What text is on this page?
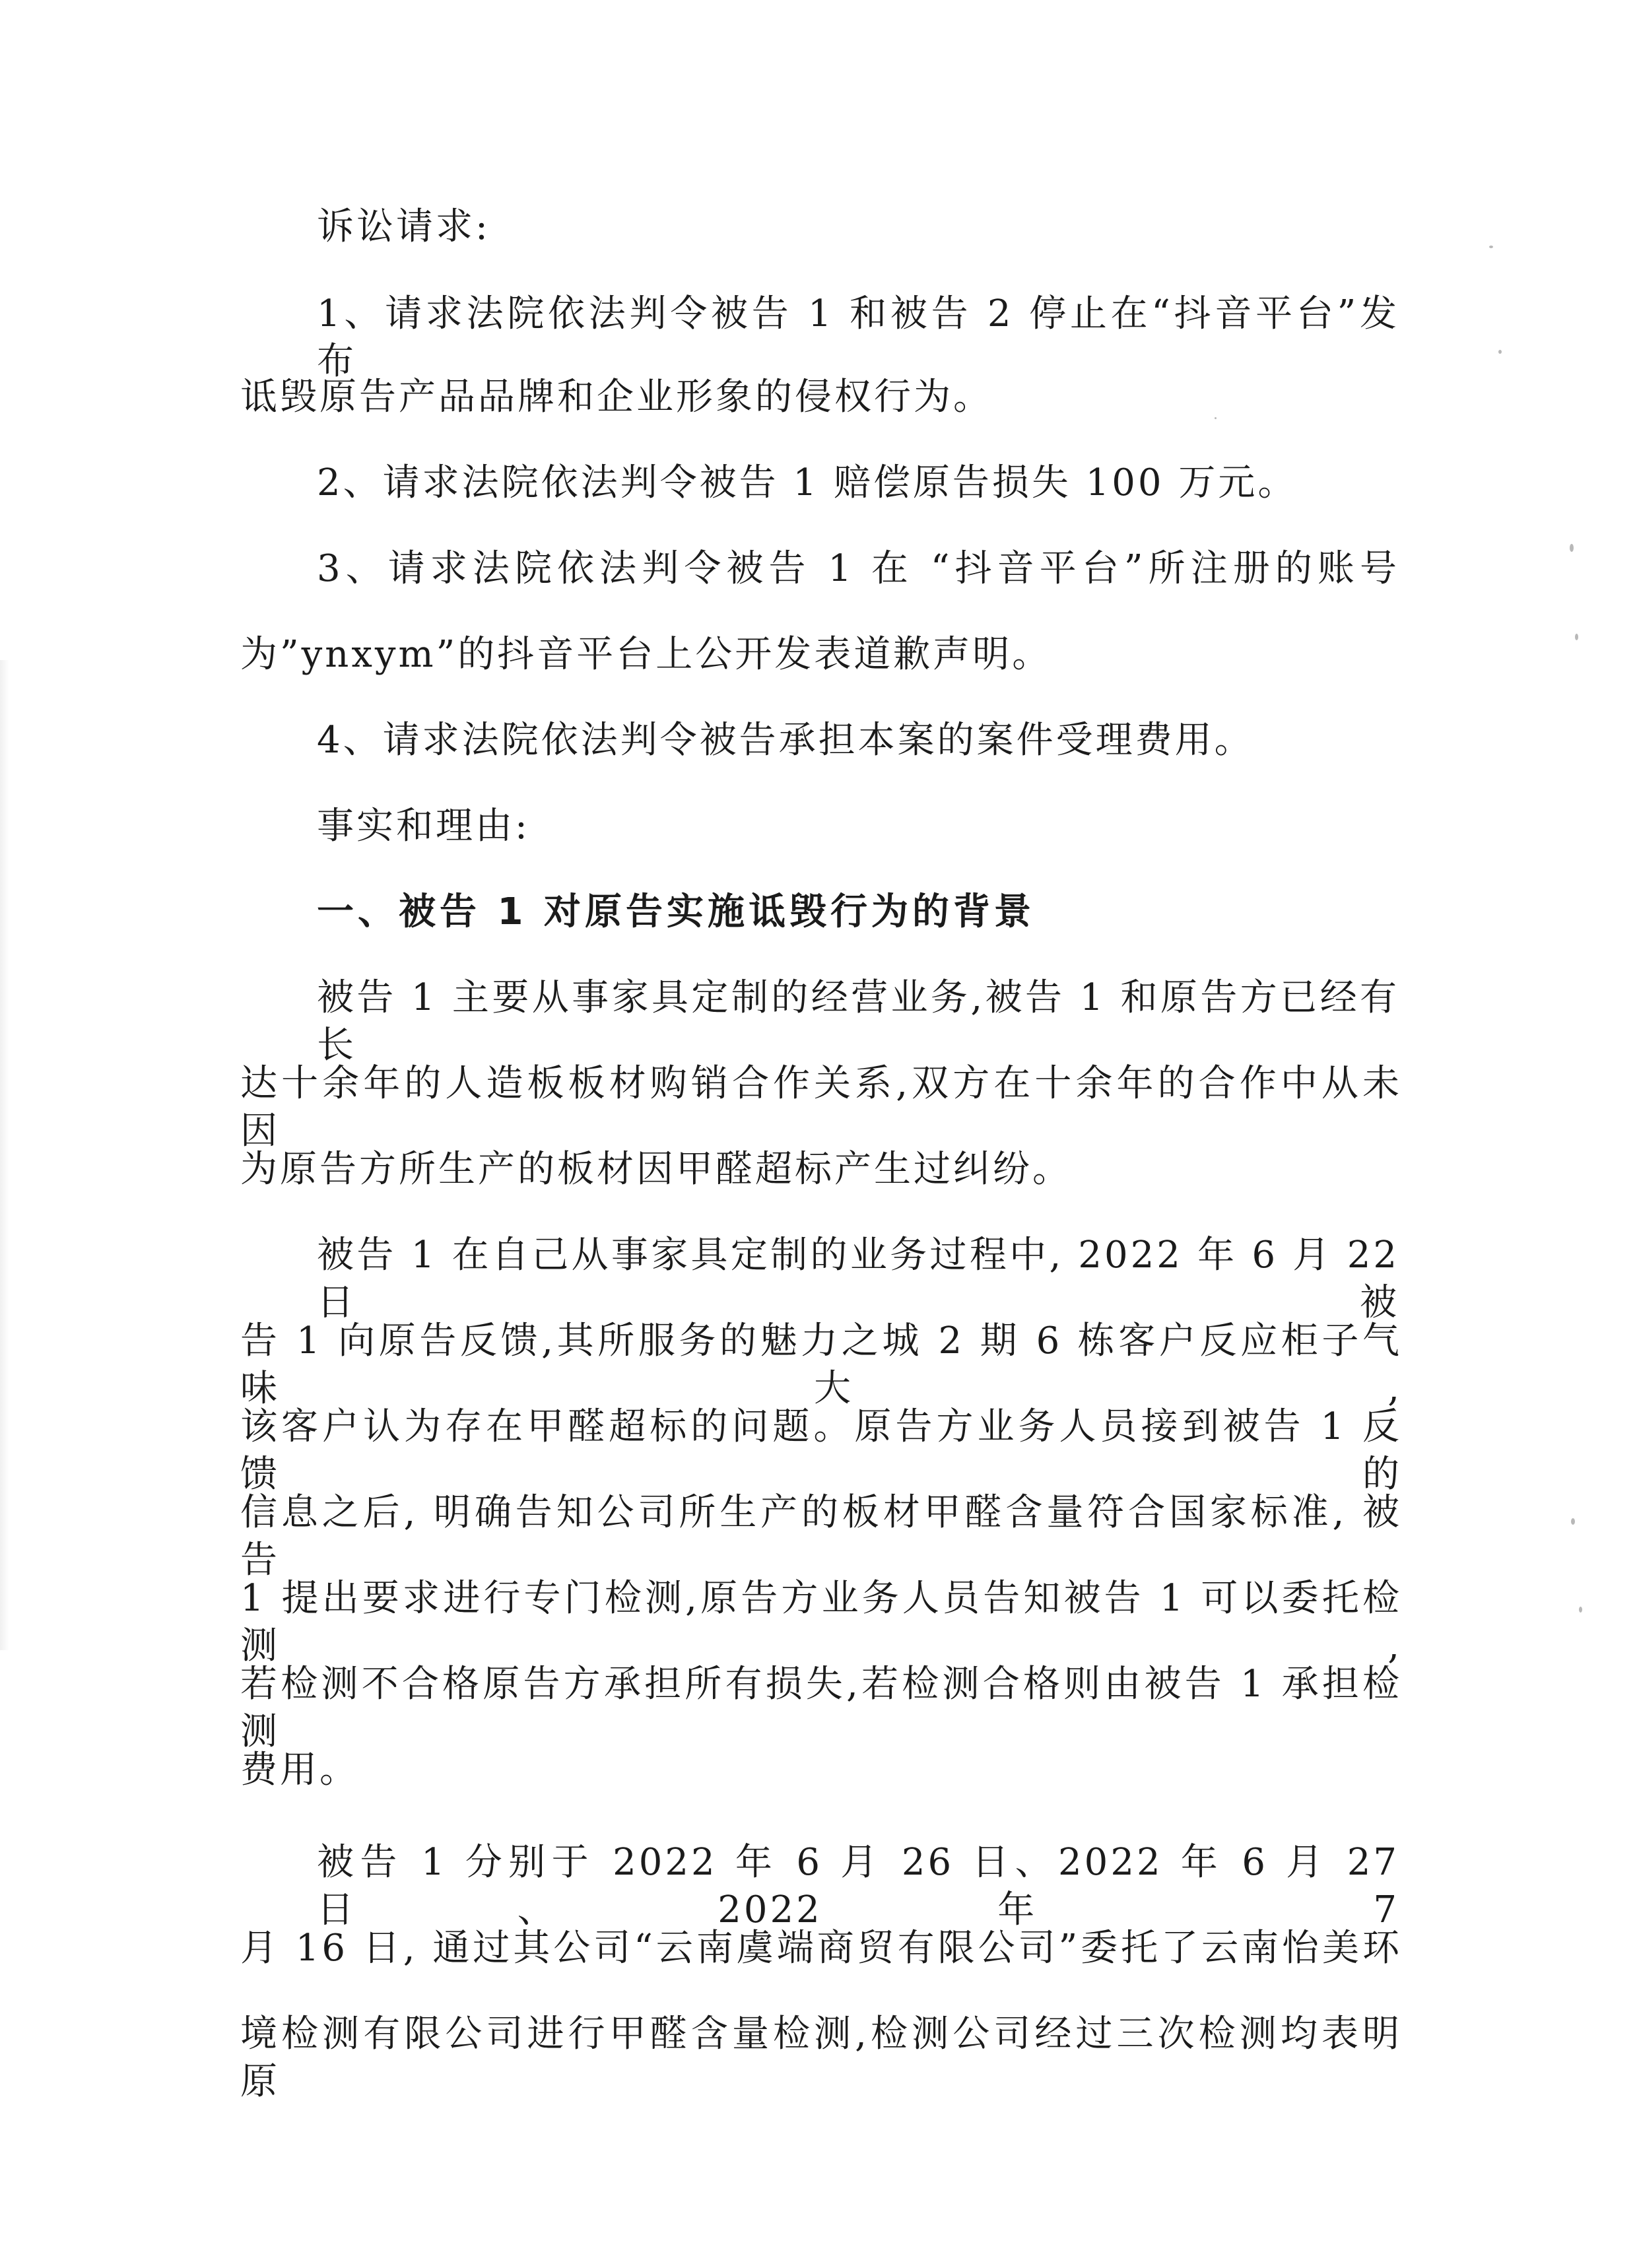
诉讼请求:
1、请求法院依法判令被告 1 和被告 2 停止在“抖音平台”发布
诋毁原告产品品牌和企业形象的侵权行为。
2、请求法院依法判令被告 1 赔偿原告损失 100 万元。
3、请求法院依法判令被告 1 在 “抖音平台”所注册的账号
为”ynxym”的抖音平台上公开发表道歉声明。
4、请求法院依法判令被告承担本案的案件受理费用。
事实和理由:
一、被告 1 对原告实施诋毁行为的背景
被告 1 主要从事家具定制的经营业务,被告 1 和原告方已经有长
达十余年的人造板板材购销合作关系,双方在十余年的合作中从未因
为原告方所生产的板材因甲醛超标产生过纠纷。
被告 1 在自己从事家具定制的业务过程中, 2022 年 6 月 22 日被
告 1 向原告反馈,其所服务的魅力之城 2 期 6 栋客户反应柜子气味大,
该客户认为存在甲醛超标的问题。原告方业务人员接到被告 1 反馈的
信息之后, 明确告知公司所生产的板材甲醛含量符合国家标准, 被告
1 提出要求进行专门检测,原告方业务人员告知被告 1 可以委托检测,
若检测不合格原告方承担所有损失,若检测合格则由被告 1 承担检测
费用。
被告 1 分别于 2022 年 6 月 26 日、2022 年 6 月 27 日、2022 年 7
月 16 日, 通过其公司“云南虞端商贸有限公司”委托了云南怡美环
境检测有限公司进行甲醛含量检测,检测公司经过三次检测均表明原
